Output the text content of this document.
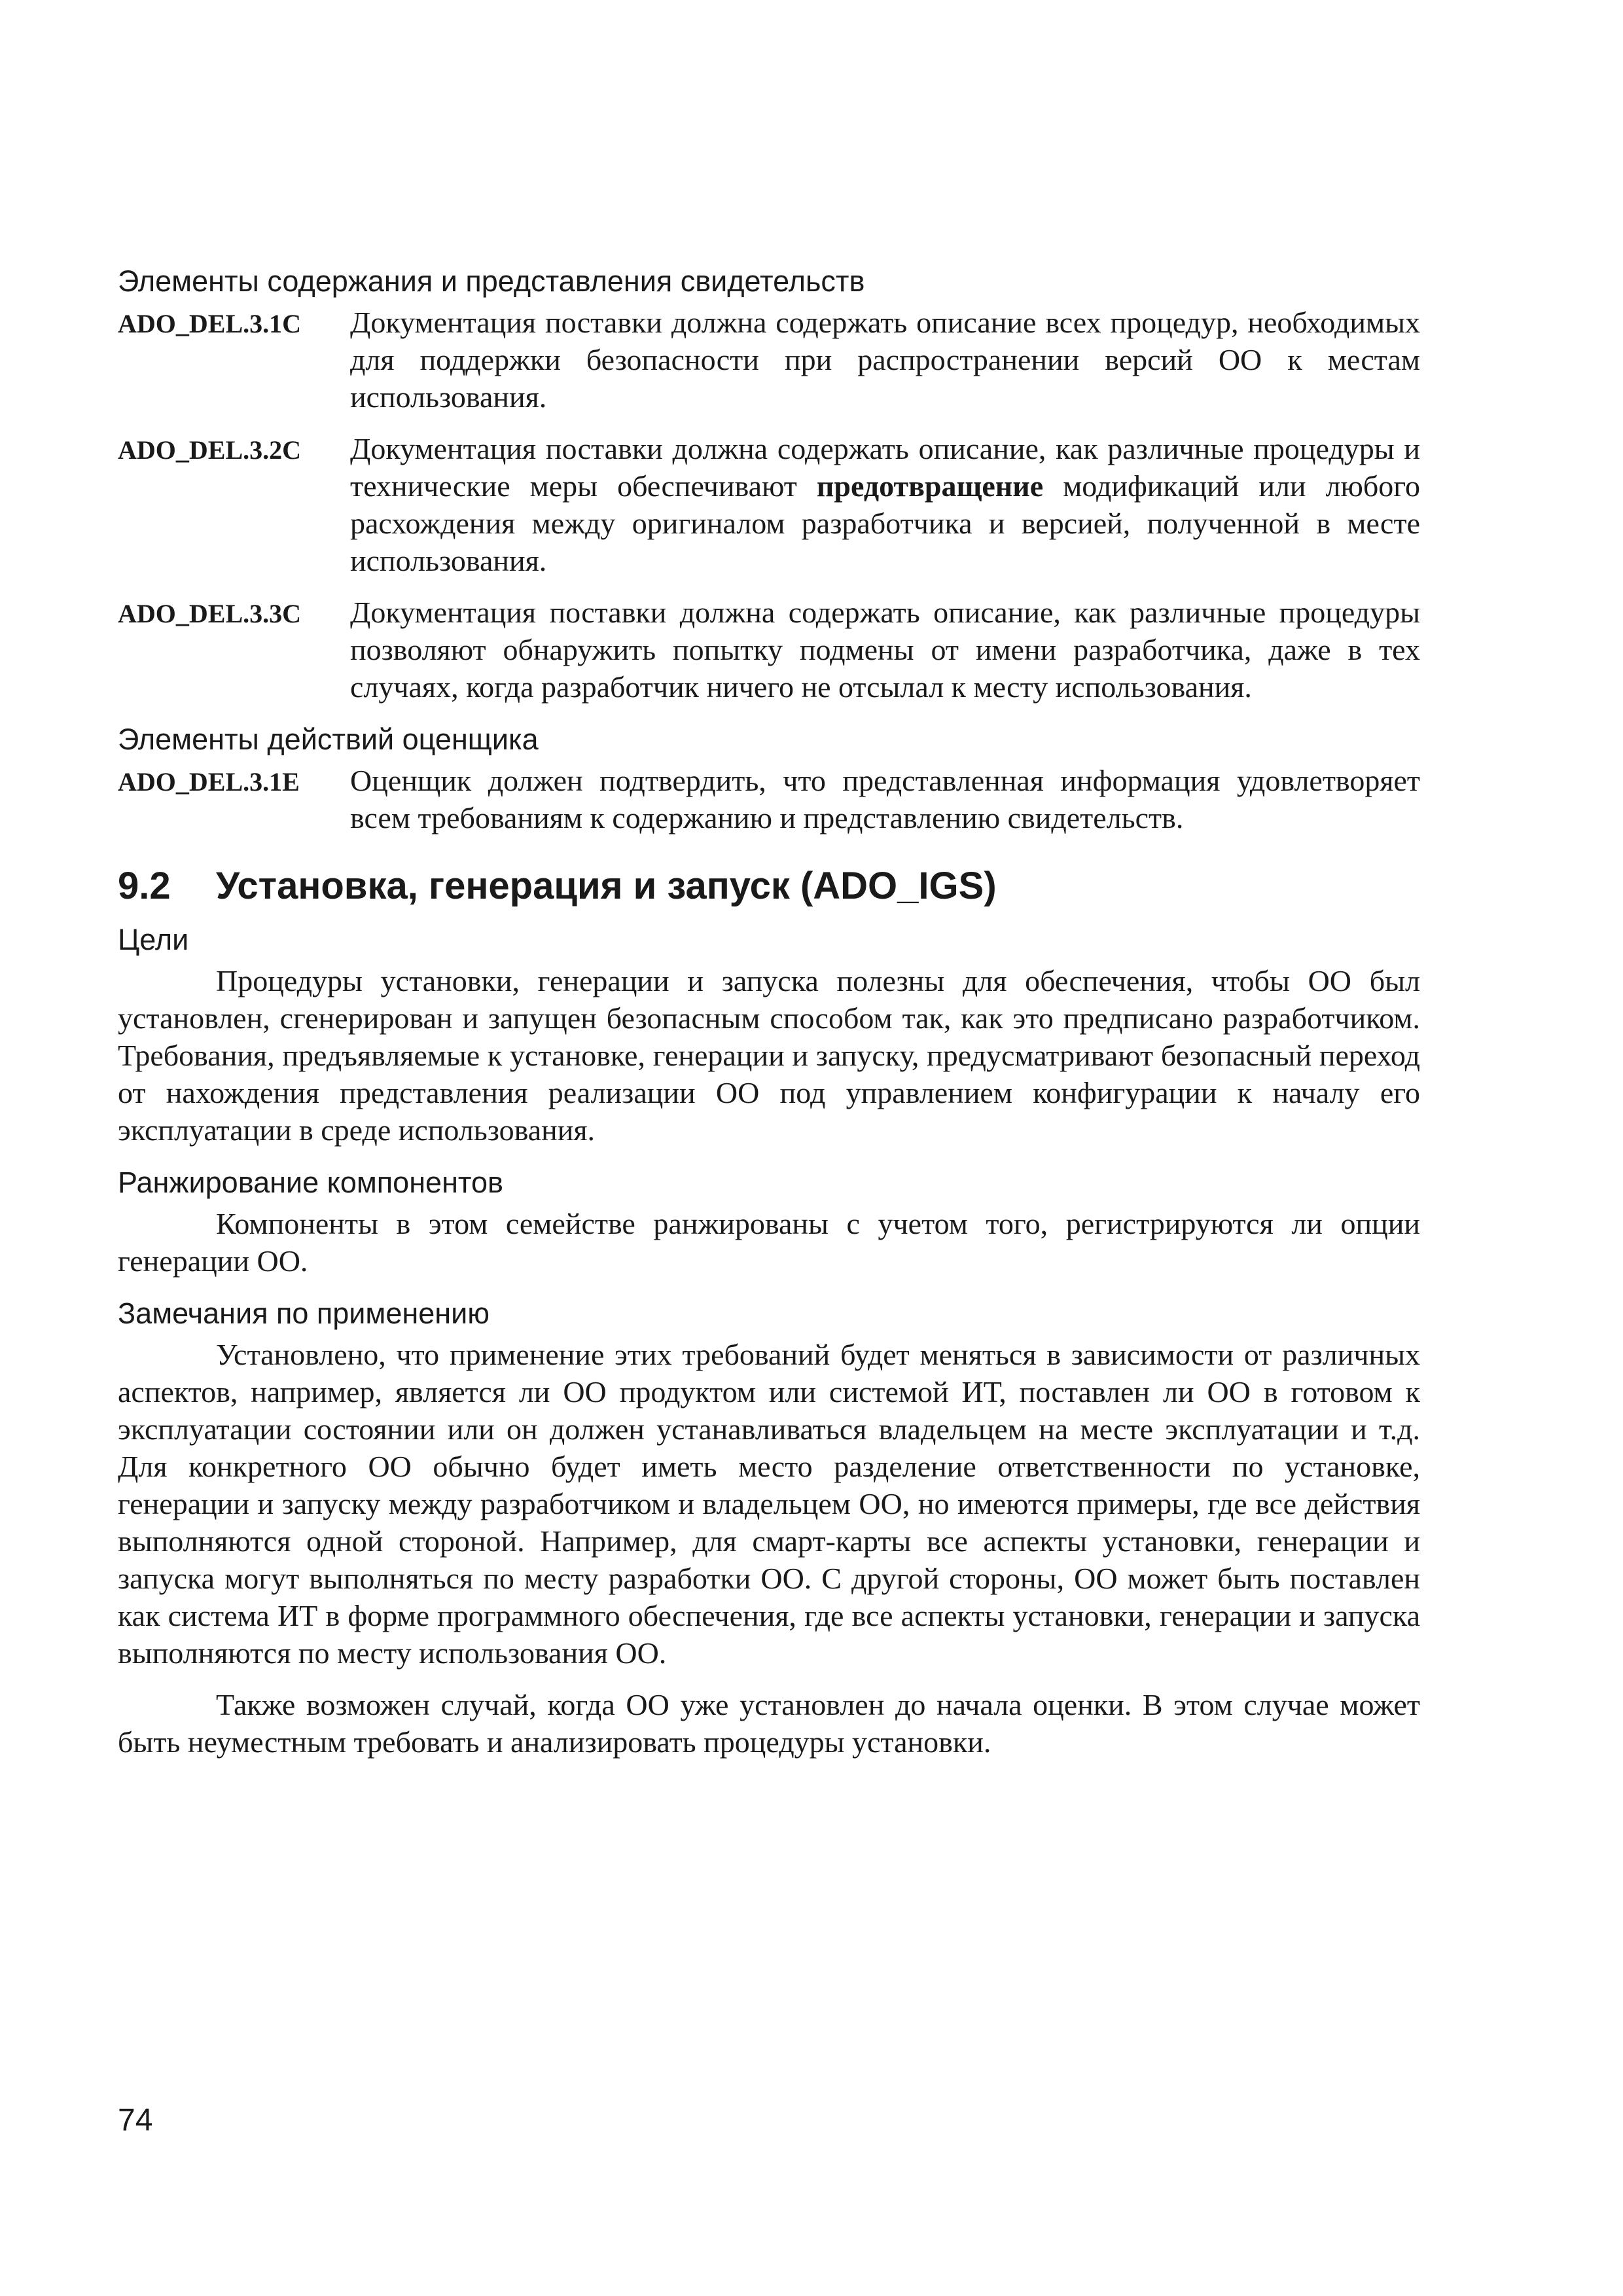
Элементы содержания и представления свидетельств
ADO_DEL.3.1C	Документация поставки должна содержать описание всех процедур, необходимых для поддержки безопасности при распространении версий ОО к местам использования.
ADO_DEL.3.2C	Документация поставки должна содержать описание, как различные процедуры и технические меры обеспечивают предотвращение модификаций или любого расхождения между оригиналом разработчика и версией, полученной в месте использования.
ADO_DEL.3.3C	Документация поставки должна содержать описание, как различные процедуры позволяют обнаружить попытку подмены от имени разработчика, даже в тех случаях, когда разработчик ничего не отсылал к месту использования.
Элементы действий оценщика
ADO_DEL.3.1E	Оценщик должен подтвердить, что представленная информация удовлетворяет всем требованиям к содержанию и представлению свидетельств.
9.2	Установка, генерация и запуск (ADO_IGS)
Цели

Процедуры установки, генерации и запуска полезны для обеспечения, чтобы ОО был установлен, сгенерирован и запущен безопасным способом так, как это предписано разработчиком. Требования, предъявляемые к установке, генерации и запуску, предусматривают безопасный переход от нахождения представления реализации ОО под управлением конфигурации к началу его эксплуатации в среде использования.

Ранжирование компонентов

Компоненты в этом семействе ранжированы с учетом того, регистрируются ли опции генерации ОО.

Замечания по применению

Установлено, что применение этих требований будет меняться в зависимости от различных аспектов, например, является ли ОО продуктом или системой ИТ, поставлен ли ОО в готовом к эксплуатации состоянии или он должен устанавливаться владельцем на месте эксплуатации и т.д. Для конкретного ОО обычно будет иметь место разделение ответственности по установке, генерации и запуску между разработчиком и владельцем ОО, но имеются примеры, где все действия выполняются одной стороной. Например, для смарт-карты все аспекты установки, генерации и запуска могут выполняться по месту разработки ОО. С другой стороны, ОО может быть поставлен как система ИТ в форме программного обеспечения, где все аспекты установки, генерации и запуска выполняются по месту использования ОО.

Также возможен случай, когда ОО уже установлен до начала оценки. В этом случае может быть неуместным требовать и анализировать процедуры установки.

74
